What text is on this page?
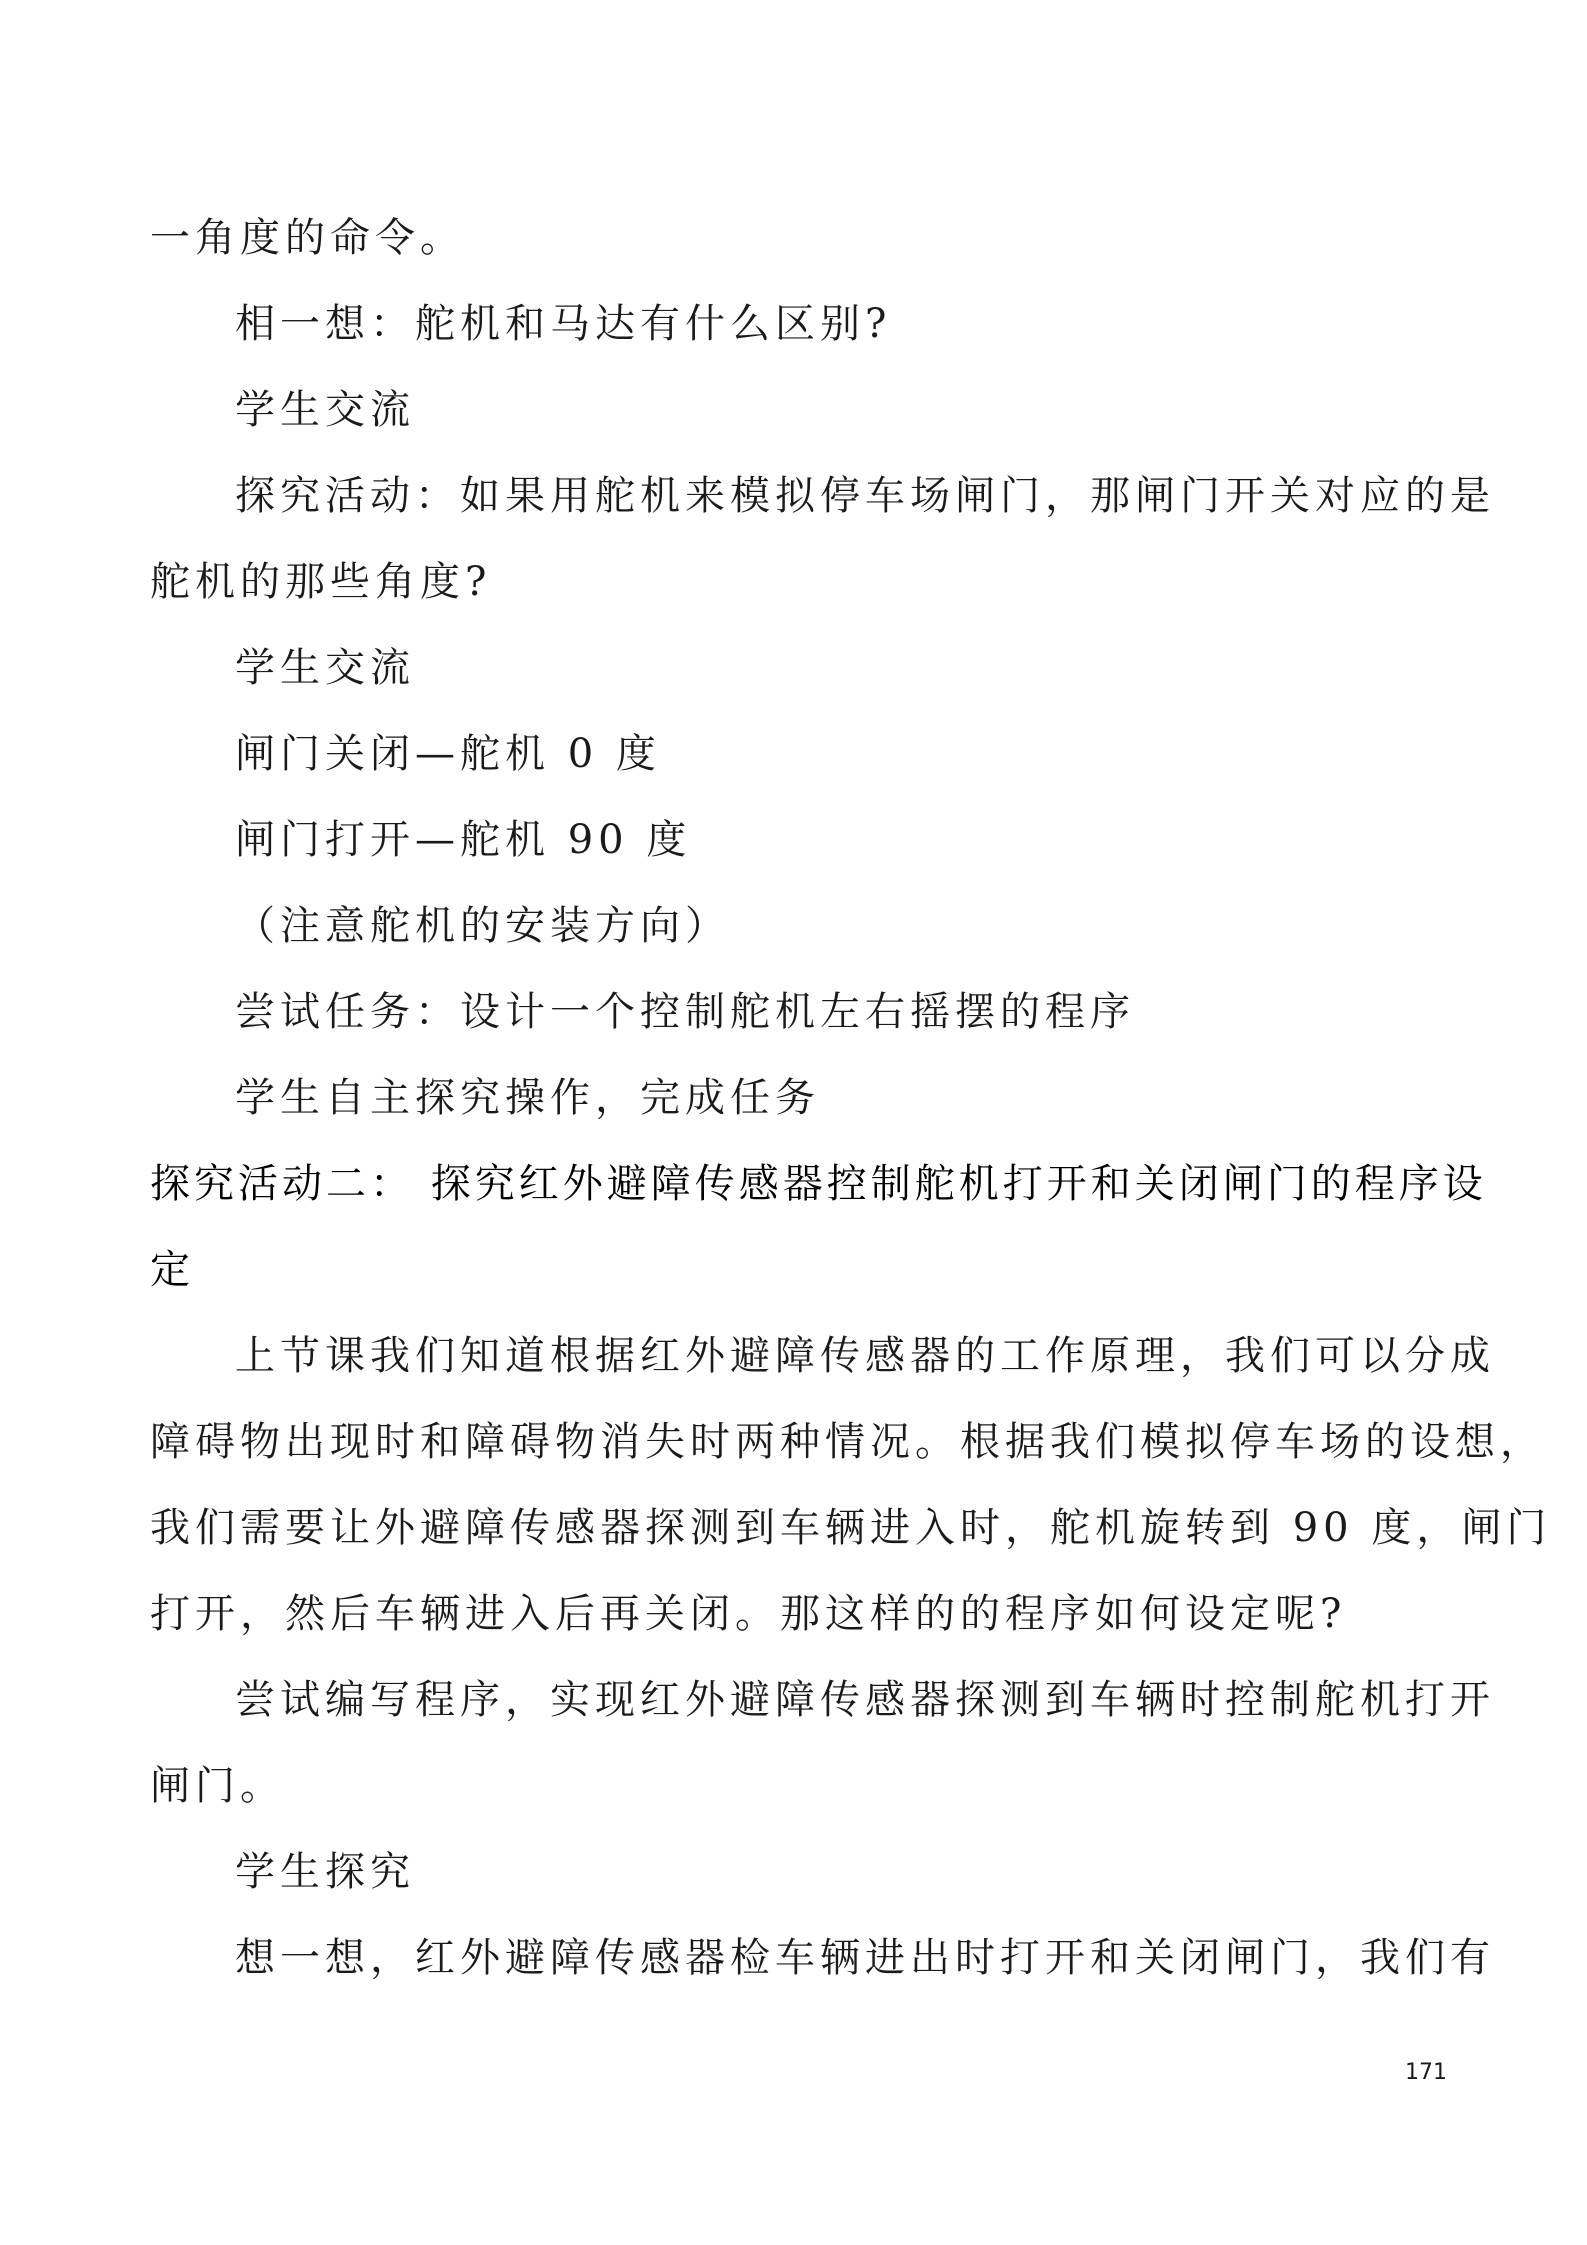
一角度的命令。

相一想：舵机和马达有什么区别?

学生交流

探究活动：如果用舵机来模拟停车场闸门，那闸门开关对应的是

舵机的那些角度?

学生交流

闸门关闭—舵机 0 度

闸门打开—舵机 90 度

（注意舵机的安装方向）

尝试任务：设计一个控制舵机左右摇摆的程序

学生自主探究操作，完成任务

探究活动二： 探究红外避障传感器控制舵机打开和关闭闸门的程序设

定

上节课我们知道根据红外避障传感器的工作原理，我们可以分成

障碍物出现时和障碍物消失时两种情况。根据我们模拟停车场的设想，

我们需要让外避障传感器探测到车辆进入时，舵机旋转到 90 度，闸门

打开，然后车辆进入后再关闭。那这样的的程序如何设定呢?

尝试编写程序，实现红外避障传感器探测到车辆时控制舵机打开

闸门。

学生探究

想一想，红外避障传感器检车辆进出时打开和关闭闸门，我们有

171
